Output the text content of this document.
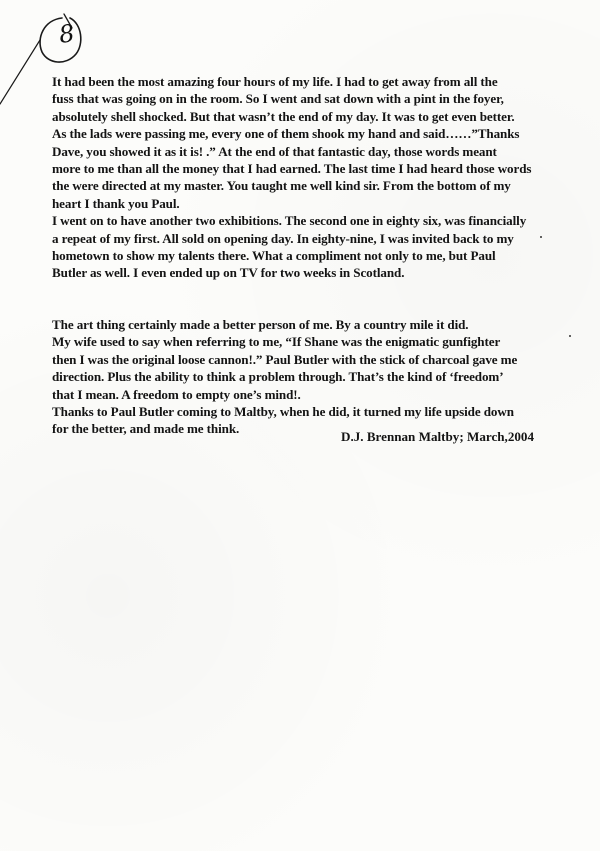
8
It had been the most amazing four hours of my life. I had to get away from all the
fuss that was going on in the room. So I went and sat down with a pint in the foyer,
absolutely shell shocked. But that wasn’t the end of my day. It was to get even better.
As the lads were passing me, every one of them shook my hand and said……”Thanks
Dave, you showed it as it is! .” At the end of that fantastic day, those words meant
more to me than all the money that I had earned. The last time I had heard those words
the were directed at my master. You taught me well kind sir. From the bottom of my
heart I thank you Paul.
I went on to have another two exhibitions. The second one in eighty six, was financially
a repeat of my first. All sold on opening day. In eighty-nine, I was invited back to my
hometown to show my talents there. What a compliment not only to me, but Paul
Butler as well. I even ended up on TV for two weeks in Scotland.
The art thing certainly made a better person of me. By a country mile it did.
My wife used to say when referring to me, “If Shane was the enigmatic gunfighter
then I was the original loose cannon!.” Paul Butler with the stick of charcoal gave me
direction. Plus the ability to think a problem through. That’s the kind of ‘freedom’
that I mean. A freedom to empty one’s mind!.
Thanks to Paul Butler coming to Maltby, when he did, it turned my life upside down
for the better, and made me think.
D.J. Brennan Maltby; March,2004
